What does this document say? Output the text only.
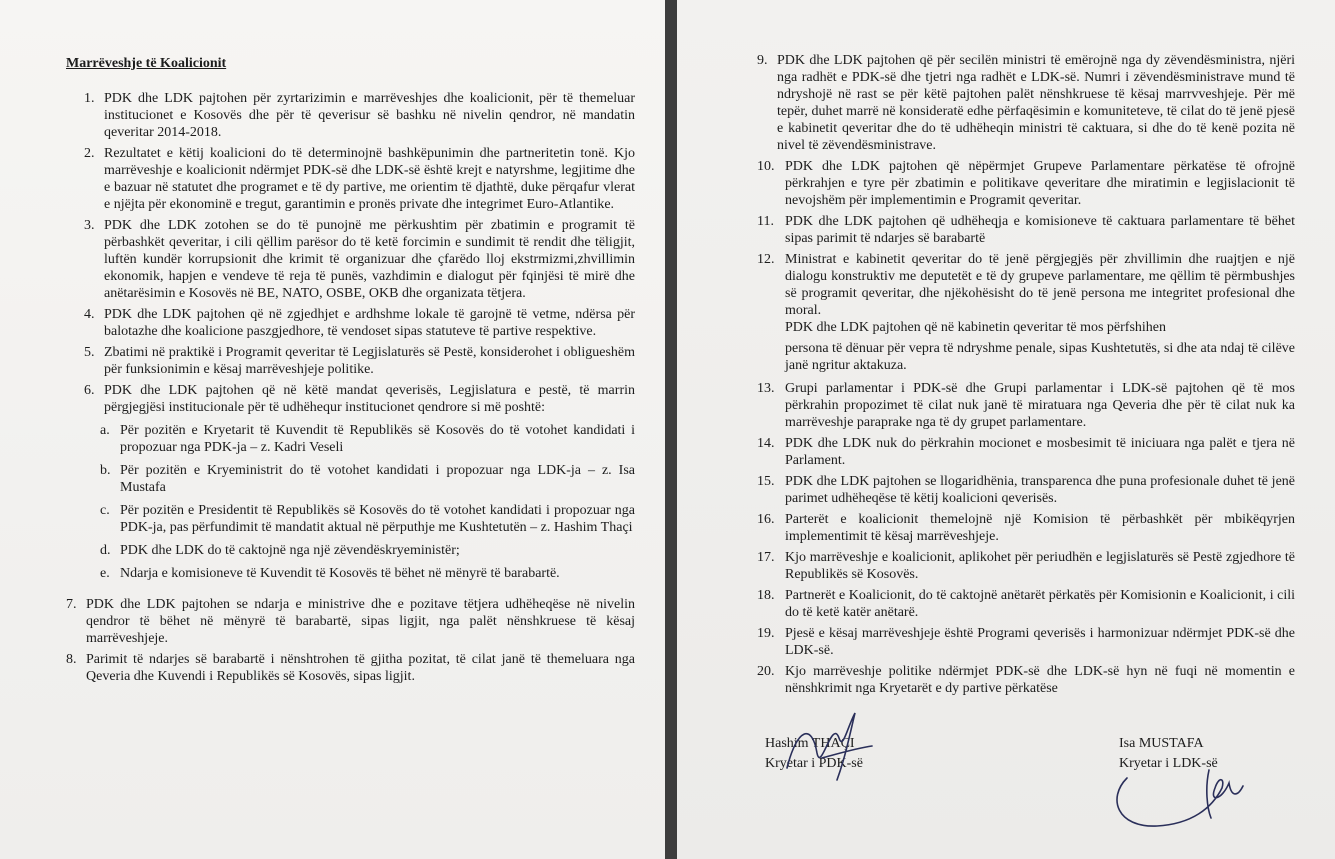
Marrëveshje të Koalicionit
1. PDK dhe LDK pajtohen për zyrtarizimin e marrëveshjes dhe koalicionit, për të themeluar institucionet e Kosovës dhe për të qeverisur së bashku në nivelin qendror, në mandatin qeveritar 2014-2018.
2. Rezultatet e këtij koalicioni do të determinojnë bashkëpunimin dhe partneritetin tonë. Kjo marrëveshje e koalicionit ndërmjet PDK-së dhe LDK-së është krejt e natyrshme, legjitime dhe e bazuar në statutet dhe programet e të dy partive, me orientim të djathtë, duke përqafur vlerat e njëjta për ekonominë e tregut, garantimin e pronës private dhe integrimet Euro-Atlantike.
3. PDK dhe LDK zotohen se do të punojnë me përkushtim për zbatimin e programit të përbashkët qeveritar, i cili qëllim parësor do të ketë forcimin e sundimit të rendit dhe tëligjit, luftën kundër korrupsionit dhe krimit të organizuar dhe çfarëdo lloj ekstrmizmi,zhvillimin ekonomik, hapjen e vendeve të reja të punës, vazhdimin e dialogut për fqinjësi të mirë dhe anëtarësimin e Kosovës në BE, NATO, OSBE, OKB dhe organizata tëtjera.
4. PDK dhe LDK pajtohen që në zgjedhjet e ardhshme lokale të garojnë të vetme, ndërsa për balotazhe dhe koalicione paszgjedhore, të vendoset sipas statuteve të partive respektive.
5. Zbatimi në praktikë i Programit qeveritar të Legjislaturës së Pestë, konsiderohet i obligueshëm për funksionimin e kësaj marrëveshjeje politike.
6. PDK dhe LDK pajtohen që në këtë mandat qeverisës, Legjislatura e pestë, të marrin përgjegjësi institucionale për të udhëhequr institucionet qendrore si më poshtë:
a. Për pozitën e Kryetarit të Kuvendit të Republikës së Kosovës do të votohet kandidati i propozuar nga PDK-ja – z. Kadri Veseli
b. Për pozitën e Kryeministrit do të votohet kandidati i propozuar nga LDK-ja – z. Isa Mustafa
c. Për pozitën e Presidentit të Republikës së Kosovës do të votohet kandidati i propozuar nga PDK-ja, pas përfundimit të mandatit aktual në përputhje me Kushtetutën – z. Hashim Thaçi
d. PDK dhe LDK do të caktojnë nga një zëvendëskryeministër;
e. Ndarja e komisioneve të Kuvendit të Kosovës të bëhet në mënyrë të barabartë.
7. PDK dhe LDK pajtohen se ndarja e ministrive dhe e pozitave tëtjera udhëheqëse në nivelin qendror të bëhet në mënyrë të barabartë, sipas ligjit, nga palët nënshkruese të kësaj marrëveshjeje.
8. Parimit të ndarjes së barabartë i nënshtrohen të gjitha pozitat, të cilat janë të themeluara nga Qeveria dhe Kuvendi i Republikës së Kosovës, sipas ligjit.
9. PDK dhe LDK pajtohen që për secilën ministri të emërojnë nga dy zëvendësministra, njëri nga radhët e PDK-së dhe tjetri nga radhët e LDK-së. Numri i zëvendësministrave mund të ndryshojë në rast se për këtë pajtohen palët nënshkruese të kësaj marrvveshjeje. Për më tepër, duhet marrë në konsideratë edhe përfaqësimin e komuniteteve, të cilat do të jenë pjesë e kabinetit qeveritar dhe do të udhëheqin ministri të caktuara, si dhe do të kenë pozita në nivel të zëvendësministrave.
10. PDK dhe LDK pajtohen që nëpërmjet Grupeve Parlamentare përkatëse të ofrojnë përkrahjen e tyre për zbatimin e politikave qeveritare dhe miratimin e legjislacionit të nevojshëm për implementimin e Programit qeveritar.
11. PDK dhe LDK pajtohen që udhëheqja e komisioneve të caktuara parlamentare të bëhet sipas parimit të ndarjes së barabartë
12. Ministrat e kabinetit qeveritar do të jenë përgjegjës për zhvillimin dhe ruajtjen e një dialogu konstruktiv me deputetët e të dy grupeve parlamentare, me qëllim të përmbushjes së programit qeveritar, dhe njëkohësisht do të jenë persona me integritet profesional dhe moral.
PDK dhe LDK pajtohen që në kabinetin qeveritar të mos përfshihen
persona të dënuar për vepra të ndryshme penale, sipas Kushtetutës, si dhe ata ndaj të cilëve janë ngritur aktakuza.
13. Grupi parlamentar i PDK-së dhe Grupi parlamentar i LDK-së pajtohen që të mos përkrahin propozimet të cilat nuk janë të miratuara nga Qeveria dhe për të cilat nuk ka marrëveshje paraprake nga të dy grupet parlamentare.
14. PDK dhe LDK nuk do përkrahin mocionet e mosbesimit të iniciuara nga palët e tjera në Parlament.
15. PDK dhe LDK pajtohen se llogaridhënia, transparenca dhe puna profesionale duhet të jenë parimet udhëheqëse të këtij koalicioni qeverisës.
16. Parterët e koalicionit themelojnë një Komision të përbashkët për mbikëqyrjen implementimit të kësaj marrëveshjeje.
17. Kjo marrëveshje e koalicionit, aplikohet për periudhën e legjislaturës së Pestë zgjedhore të Republikës së Kosovës.
18. Partnerët e Koalicionit, do të caktojnë anëtarët përkatës për Komisionin e Koalicionit, i cili do të ketë katër anëtarë.
19. Pjesë e kësaj marrëveshjeje është Programi qeverisës i harmonizuar ndërmjet PDK-së dhe LDK-së.
20. Kjo marrëveshje politike ndërmjet PDK-së dhe LDK-së hyn në fuqi në momentin e nënshkrimit nga Kryetarët e dy partive përkatëse
Hashim THAÇI
Kryetar i PDK-së
Isa MUSTAFA
Kryetar i LDK-së
